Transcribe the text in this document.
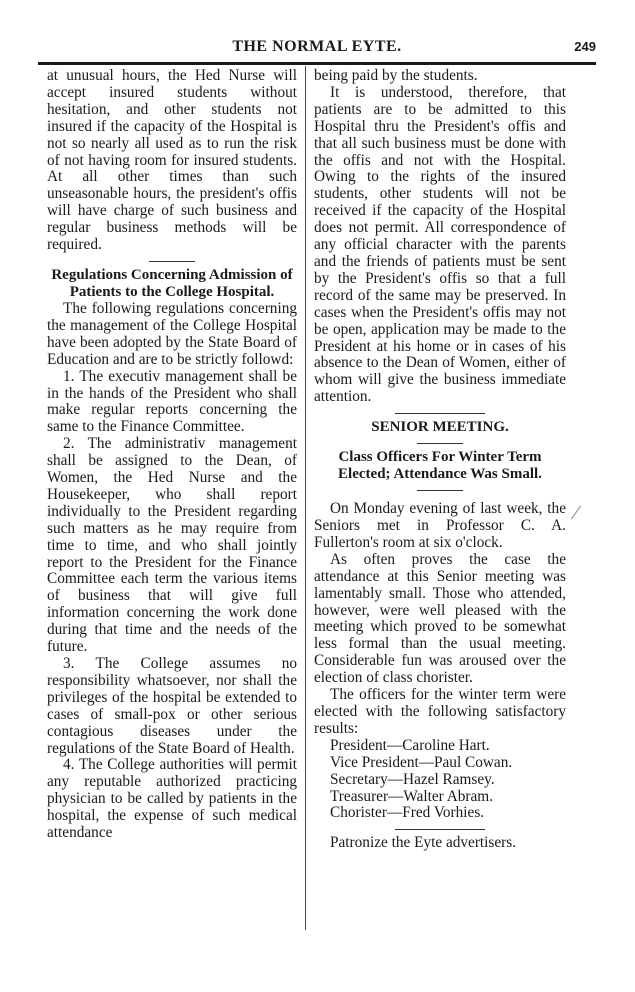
THE NORMAL EYTE.	249

at unusual hours, the Hed Nurse will accept insured students without hesitation, and other students not insured if the capacity of the Hospital is not so nearly all used as to run the risk of not having room for insured students. At all other times than such unseasonable hours, the president's offis will have charge of such business and regular business methods will be required.

Regulations Concerning Admission of Patients to the College Hospital.

The following regulations concerning the management of the College Hospital have been adopted by the State Board of Education and are to be strictly followd:

1. The executiv management shall be in the hands of the President who shall make regular reports concerning the same to the Finance Committee.

2. The administrativ management shall be assigned to the Dean, of Women, the Hed Nurse and the Housekeeper, who shall report individually to the President regarding such matters as he may require from time to time, and who shall jointly report to the President for the Finance Committee each term the various items of business that will give full information concerning the work done during that time and the needs of the future.

3. The College assumes no responsibility whatsoever, nor shall the privileges of the hospital be extended to cases of small-pox or other serious contagious diseases under the regulations of the State Board of Health.

4. The College authorities will permit any reputable authorized practicing physician to be called by patients in the hospital, the expense of such medical attendance

being paid by the students.

It is understood, therefore, that patients are to be admitted to this Hospital thru the President's offis and that all such business must be done with the offis and not with the Hospital. Owing to the rights of the insured students, other students will not be received if the capacity of the Hospital does not permit. All correspondence of any official character with the parents and the friends of patients must be sent by the President's offis so that a full record of the same may be preserved. In cases when the President's offis may not be open, application may be made to the President at his home or in cases of his absence to the Dean of Women, either of whom will give the business immediate attention.

SENIOR MEETING.

Class Officers For Winter Term Elected; Attendance Was Small.

On Monday evening of last week, the Seniors met in Professor C. A. Fullerton's room at six o'clock.

As often proves the case the attendance at this Senior meeting was lamentably small. Those who attended, however, were well pleased with the meeting which proved to be somewhat less formal than the usual meeting. Considerable fun was aroused over the election of class chorister.

The officers for the winter term were elected with the following satisfactory results:

President—Caroline Hart.

Vice President—Paul Cowan.

Secretary—Hazel Ramsey.

Treasurer—Walter Abram.

Chorister—Fred Vorhies.

Patronize the Eyte advertisers.
